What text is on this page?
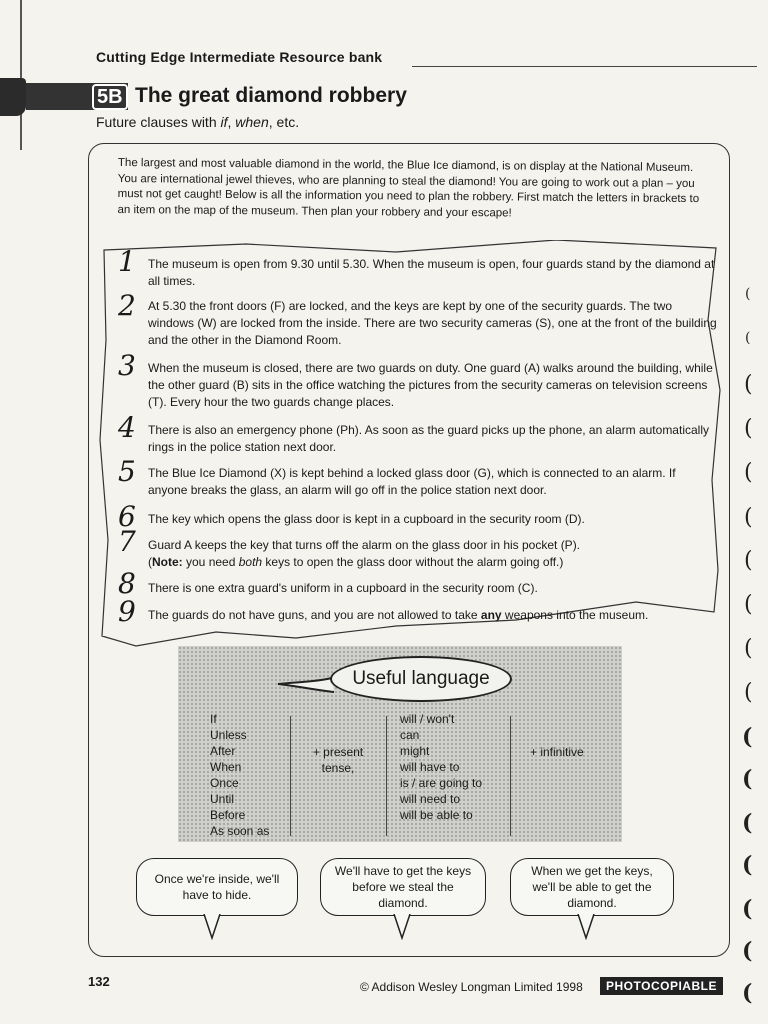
(
(
(
(
(
(
(
(
(
(
(
(
(
(
(
(
(
Cutting Edge Intermediate Resource bank
5B The great diamond robbery
Future clauses with if, when, etc.
The largest and most valuable diamond in the world, the Blue Ice diamond, is on display at the National Museum. You are international jewel thieves, who are planning to steal the diamond! You are going to work out a plan – you must not get caught! Below is all the information you need to plan the robbery. First match the letters in brackets to an item on the map of the museum. Then plan your robbery and your escape!
1 The museum is open from 9.30 until 5.30. When the museum is open, four guards stand by the diamond at all times.
2 At 5.30 the front doors (F) are locked, and the keys are kept by one of the security guards. The two windows (W) are locked from the inside. There are two security cameras (S), one at the front of the building and the other in the Diamond Room.
3 When the museum is closed, there are two guards on duty. One guard (A) walks around the building, while the other guard (B) sits in the office watching the pictures from the security cameras on television screens (T). Every hour the two guards change places.
4 There is also an emergency phone (Ph). As soon as the guard picks up the phone, an alarm automatically rings in the police station next door.
5 The Blue Ice Diamond (X) is kept behind a locked glass door (G), which is connected to an alarm. If anyone breaks the glass, an alarm will go off in the police station next door.
6 The key which opens the glass door is kept in a cupboard in the security room (D).
7 Guard A keeps the key that turns off the alarm on the glass door in his pocket (P).
(Note: you need both keys to open the glass door without the alarm going off.)
8 There is one extra guard's uniform in a cupboard in the security room (C).
9 The guards do not have guns, and you are not allowed to take any weapons into the museum.
Useful language
If
Unless
After
When
Once
Until
Before
As soon as
+ present
tense,
will / won't
can
might
will have to
is / are going to
will need to
will be able to
+ infinitive
Once we're inside, we'll have to hide.
We'll have to get the keys before we steal the diamond.
When we get the keys, we'll be able to get the diamond.
132	© Addison Wesley Longman Limited 1998	PHOTOCOPIABLE
